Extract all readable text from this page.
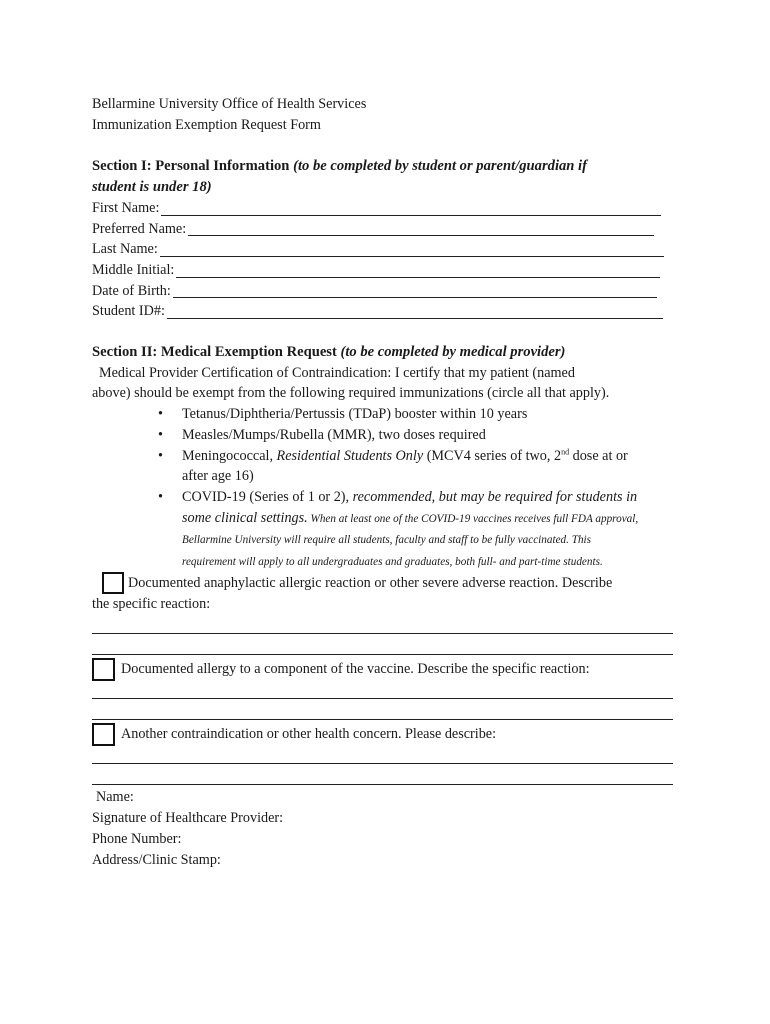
Bellarmine University Office of Health Services
Immunization Exemption Request Form
Section I: Personal Information (to be completed by student or parent/guardian if
student is under 18)
First Name:
Preferred Name:
Last Name:
Middle Initial:
Date of Birth:
Student ID#:
Section II: Medical Exemption Request (to be completed by medical provider)
Medical Provider Certification of Contraindication: I certify that my patient (named
above) should be exempt from the following required immunizations (circle all that apply).
•	Tetanus/Diphtheria/Pertussis (TDaP) booster within 10 years
•	Measles/Mumps/Rubella (MMR), two doses required
•	Meningococcal, Residential Students Only (MCV4 series of two, 2nd dose at or
after age 16)
•	COVID-19 (Series of 1 or 2), recommended, but may be required for students in
some clinical settings. When at least one of the COVID-19 vaccines receives full FDA approval,
Bellarmine University will require all students, faculty and staff to be fully vaccinated. This
requirement will apply to all undergraduates and graduates, both full- and part-time students.
Documented anaphylactic allergic reaction or other severe adverse reaction. Describe
the specific reaction:
Documented allergy to a component of the vaccine. Describe the specific reaction:
Another contraindication or other health concern. Please describe:
Name:
Signature of Healthcare Provider:
Phone Number:
Address/Clinic Stamp:
